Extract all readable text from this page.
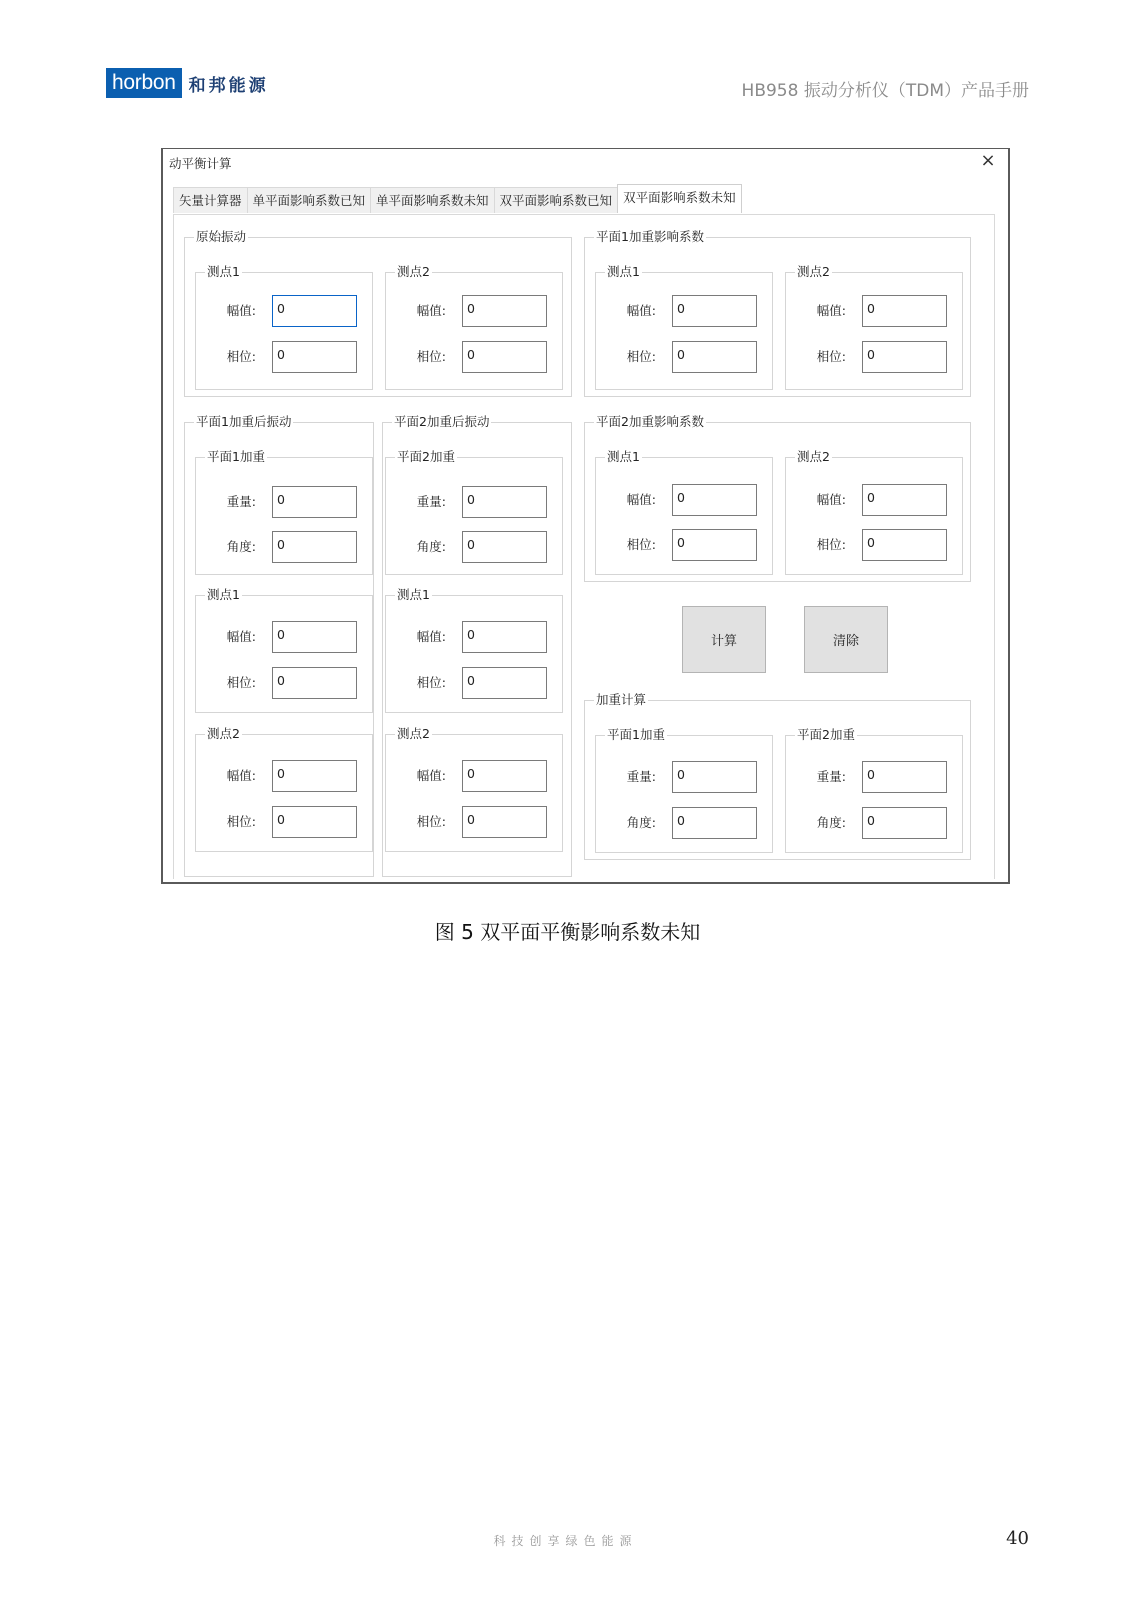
horbon 和邦能源	HB958 振动分析仪（TDM）产品手册
动平衡计算	×
矢量计算器 单平面影响系数已知 单平面影响系数未知 双平面影响系数已知 双平面影响系数未知
原始振动
测点1
幅值:	0
相位:	0
测点2
幅值:	0
相位:	0
平面1加重影响系数
测点1
幅值:	0
相位:	0
测点2
幅值:	0
相位:	0
平面1加重后振动
平面1加重
重量:	0
角度:	0
测点1
幅值:	0
相位:	0
测点2
幅值:	0
相位:	0
平面2加重后振动
平面2加重
重量:	0
角度:	0
测点1
幅值:	0
相位:	0
测点2
幅值:	0
相位:	0
平面2加重影响系数
测点1
幅值:	0
相位:	0
测点2
幅值:	0
相位:	0
计算	清除
加重计算
平面1加重
重量:	0
角度:	0
平面2加重
重量:	0
角度:	0
图 5 双平面平衡影响系数未知
科技创享绿色能源	40
